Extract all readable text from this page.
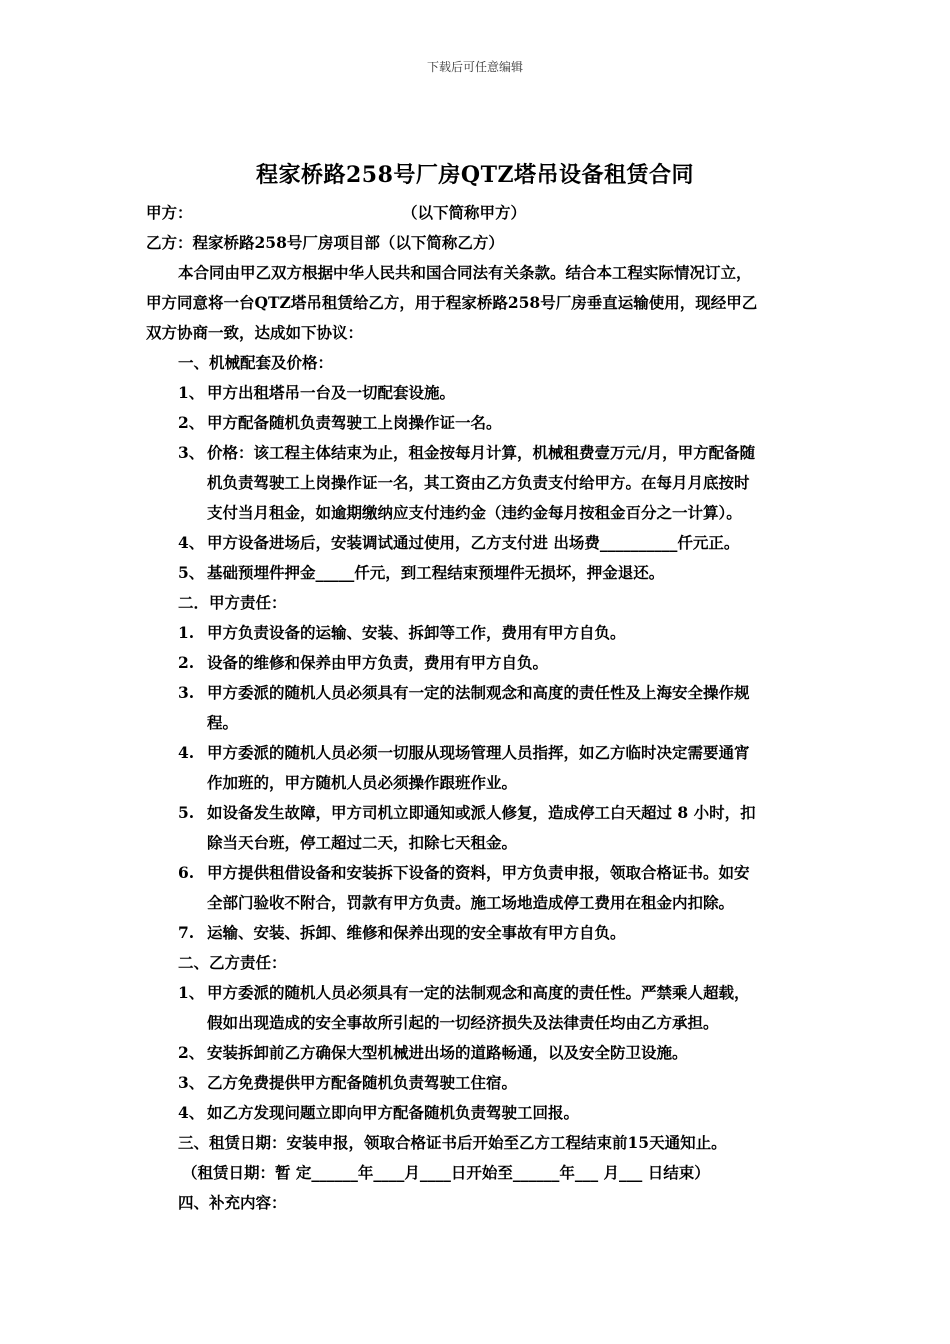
下载后可任意编辑
程家桥路258号厂房QTZ塔吊设备租赁合同
甲方：	（以下简称甲方）
乙方：程家桥路258号厂房项目部（以下简称乙方）
本合同由甲乙双方根据中华人民共和国合同法有关条款。结合本工程实际情况订立，
甲方同意将一台QTZ塔吊租赁给乙方，用于程家桥路258号厂房垂直运输使用，现经甲乙
双方协商一致，达成如下协议：
一、机械配套及价格：
1、 甲方出租塔吊一台及一切配套设施。
2、 甲方配备随机负责驾驶工上岗操作证一名。
3、 价格：该工程主体结束为止，租金按每月计算，机械租费壹万元/月，甲方配备随
机负责驾驶工上岗操作证一名，其工资由乙方负责支付给甲方。在每月月底按时
支付当月租金，如逾期缴纳应支付违约金（违约金每月按租金百分之一计算）。
4、 甲方设备进场后，安装调试通过使用，乙方支付进 出场费__________仟元正。
5、 基础预埋件押金_____仟元，到工程结束预埋件无损坏，押金退还。
二．甲方责任：
1. 甲方负责设备的运输、安装、拆卸等工作，费用有甲方自负。
2. 设备的维修和保养由甲方负责，费用有甲方自负。
3. 甲方委派的随机人员必须具有一定的法制观念和高度的责任性及上海安全操作规
程。
4. 甲方委派的随机人员必须一切服从现场管理人员指挥，如乙方临时决定需要通宵
作加班的，甲方随机人员必须操作跟班作业。
5. 如设备发生故障，甲方司机立即通知或派人修复，造成停工白天超过 8 小时，扣
除当天台班，停工超过二天，扣除七天租金。
6. 甲方提供租借设备和安装拆下设备的资料，甲方负责申报，领取合格证书。如安
全部门验收不附合，罚款有甲方负责。施工场地造成停工费用在租金内扣除。
7. 运输、安装、拆卸、维修和保养出现的安全事故有甲方自负。
二、乙方责任：
1、 甲方委派的随机人员必须具有一定的法制观念和高度的责任性。严禁乘人超载，
假如出现造成的安全事故所引起的一切经济损失及法律责任均由乙方承担。
2、 安装拆卸前乙方确保大型机械进出场的道路畅通，以及安全防卫设施。
3、 乙方免费提供甲方配备随机负责驾驶工住宿。
4、 如乙方发现问题立即向甲方配备随机负责驾驶工回报。
三、租赁日期：安装申报，领取合格证书后开始至乙方工程结束前15天通知止。
（租赁日期：暂 定______年____月____日开始至______年___ 月___ 日结束）
四、补充内容：
